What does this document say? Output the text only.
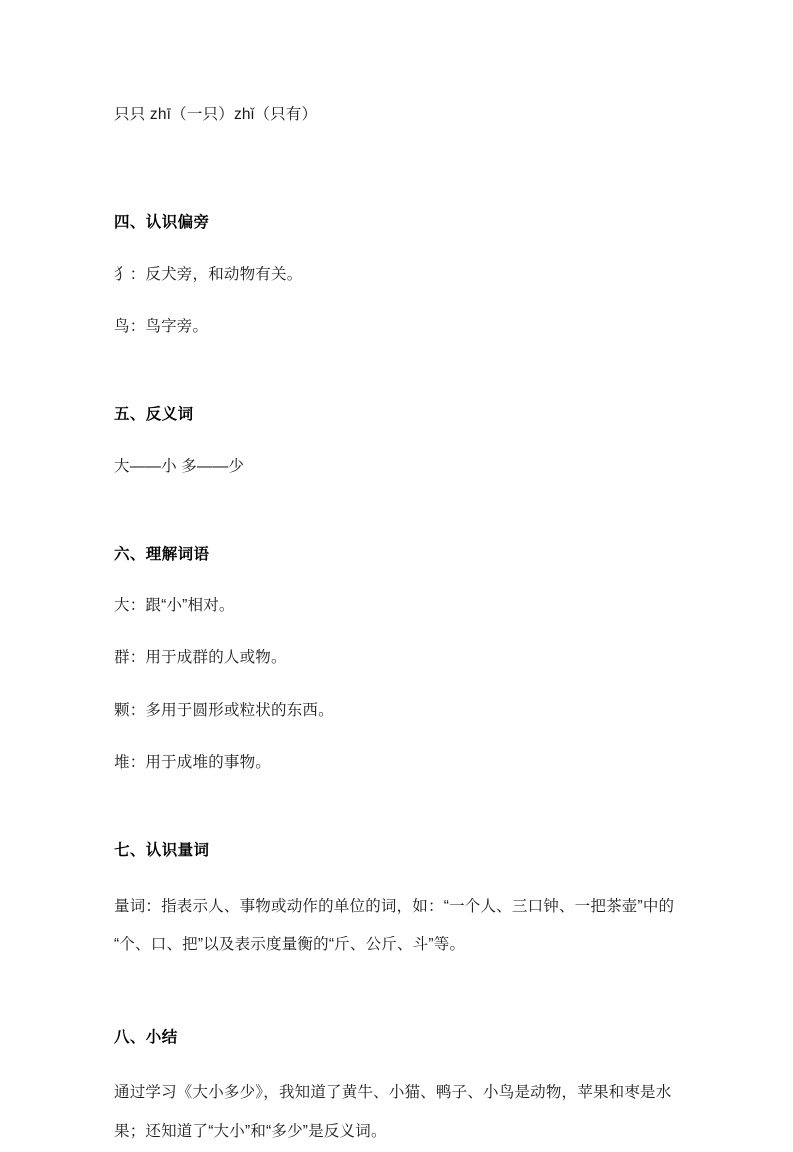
只只 zhī（一只）zhǐ（只有）

四、认识偏旁

犭：反犬旁，和动物有关。

鸟：鸟字旁。

五、反义词

大——小 多——少

六、理解词语

大：跟“小”相对。

群：用于成群的人或物。

颗：多用于圆形或粒状的东西。

堆：用于成堆的事物。

七、认识量词

量词：指表示人、事物或动作的单位的词，如：“一个人、三口钟、一把茶壶”中的“个、口、把”以及表示度量衡的“斤、公斤、斗”等。

八、小结

通过学习《大小多少》，我知道了黄牛、小猫、鸭子、小鸟是动物，苹果和枣是水果；还知道了“大小”和“多少”是反义词。
